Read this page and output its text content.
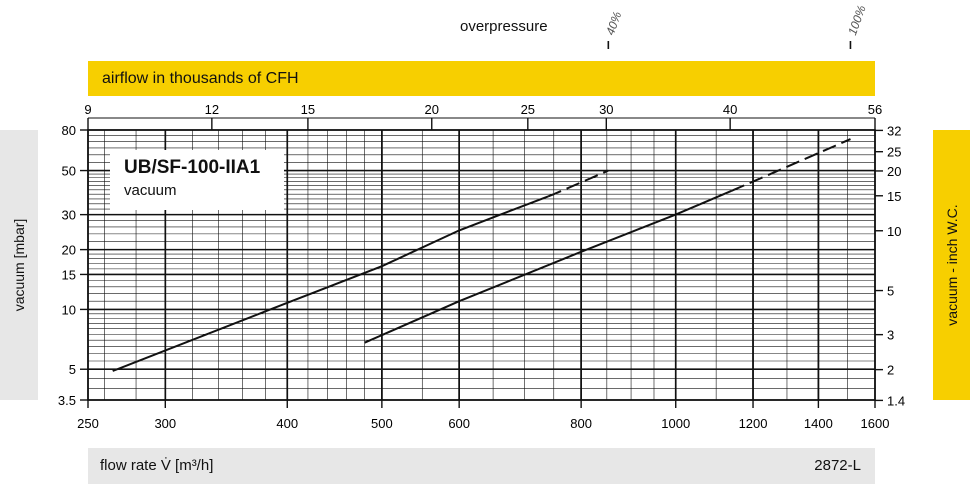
250	300	400	500	600	800	1000	1200	1400 1600
3.5
5
10
15
20
30
50
80
9	12	15	20	25	30	40	56
1.4
2
3
5
10
15
20
25
32
40%	100%
airflow in thousands of CFH
overpressure
flow rate V̇ [m³/h]	2872-L
vacuum [mbar]	vacuum - inch W.C.
UB/SF-100-IIA1
vacuum
